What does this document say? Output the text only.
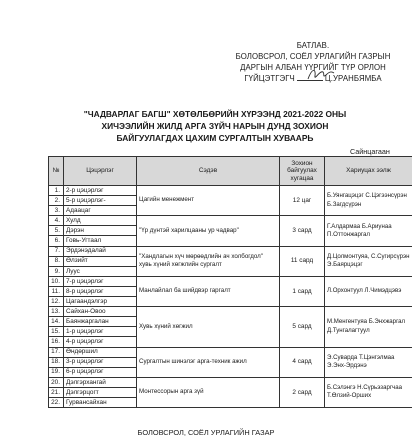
БАТЛАВ.
БОЛОВСРОЛ, СОЁЛ УРЛАГИЙН ГАЗРЫН
ДАРГЫН АЛБАН ҮҮРГИЙГ ТҮР ОРЛОН
ГҮЙЦЭТГЭГЧ	Ц.УРАНБЯМБА
"ЧАДВАРЛАГ БАГШ" ХӨТӨЛБӨРИЙН ХҮРЭЭНД 2021-2022 ОНЫ
ХИЧЭЭЛИЙН ЖИЛД АРГА ЗҮЙЧ НАРЫН ДУНД ЗОХИОН
БАЙГУУЛАГДАХ ЦАХИМ СУРГАЛТЫН ХУВААРЬ
Сайнцагаан
№	Цэцэрлэг	Сэдэв	Зохион байгуулах хугацаа	Хариуцах ээлж
1.	2-р цэцэрлэг	Цагийн менежмент	12 цаг	Б.Уянгацэцэг С.Цэгээнсүрэн Б.Загдсүрэн
2.	5-р цэцэрлэг-			
3.	Адаацаг			
4.	Хулд	"Үр дүнтэй харилцааны ур чадвар"	3 сард	Г.Алдармаа Б.Ариунаа П.Оттонжаргал
5.	Дэрэн			
6.	Говь-Угтаал			
7.	Эрдэнэдалай	"Хандлагын хүч мөрөөдлийн ач холбогдол" хувь хүний хөгжлийн сургалт	11 сард	Д.Цолмонтуяа, С.Сугирсүрэн Э.Баярцэцэг
8.	Өлзийт			
9.	Луус			
10.	7-р цэцэрлэг	Манлайлал ба шийдвэр гаргалт	1 сард	Л.Орхонтуул Л.Чимэдцэвэ
11.	8-р цэцэрлэг			
12.	Цагаандэлгэр			
13.	Сайхан-Овоо	Хувь хүний хөгжил	5 сард	М.Менгентуяа Б.Энхжаргал Д.Тунгалагтуул
14.	Баянжаргалан			
15.	1-р цэцэрлэг			
16.	4-р цэцэрлэг			
17.	Өндөршил	Сургалтын шинэлэг арга-техник ажил	4 сард	Э.Суварда Т.Цэнгэлмаа Э.Энх-Эрдэнэ
18.	3-р цэцэрлэг			
19.	6-р цэцэрлэг			
20.	Дэлгэрхангай	Монтессорын арга зүй	2 сард	Б.Сэлэнгэ Н.Сүрьэзаргчаа Т.Өлзий-Орших
21.	Дэлгэрцогт			
22.	Гурвансайхан			
БОЛОВСРОЛ, СОЁЛ УРЛАГИЙН ГАЗАР
